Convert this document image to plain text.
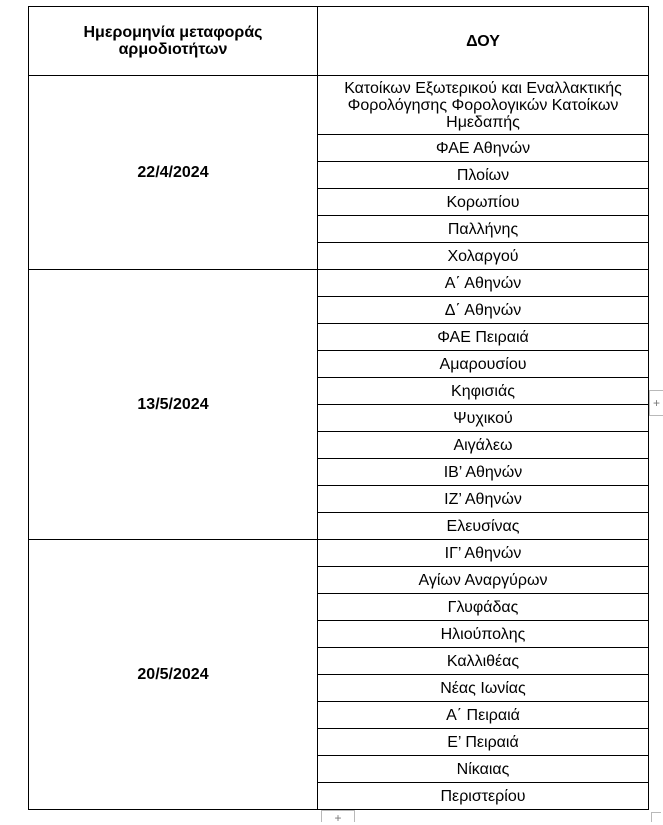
Ημερομηνία μεταφοράς αρμοδιοτήτων	ΔΟΥ
22/4/2024	Κατοίκων Εξωτερικού και Εναλλακτικής Φορολόγησης Φορολογικών Κατοίκων Ημεδαπής
	ΦΑΕ Αθηνών
	Πλοίων
	Κορωπίου
	Παλλήνης
	Χολαργού
13/5/2024	Α΄ Αθηνών
	Δ΄ Αθηνών
	ΦΑΕ Πειραιά
	Αμαρουσίου
	Κηφισιάς
	Ψυχικού
	Αιγάλεω
	ΙΒ’ Αθηνών
	ΙΖ’ Αθηνών
	Ελευσίνας
20/5/2024	ΙΓ’ Αθηνών
	Αγίων Αναργύρων
	Γλυφάδας
	Ηλιούπολης
	Καλλιθέας
	Νέας Ιωνίας
	Α΄ Πειραιά
	Ε’ Πειραιά
	Νίκαιας
	Περιστερίου
+
+
